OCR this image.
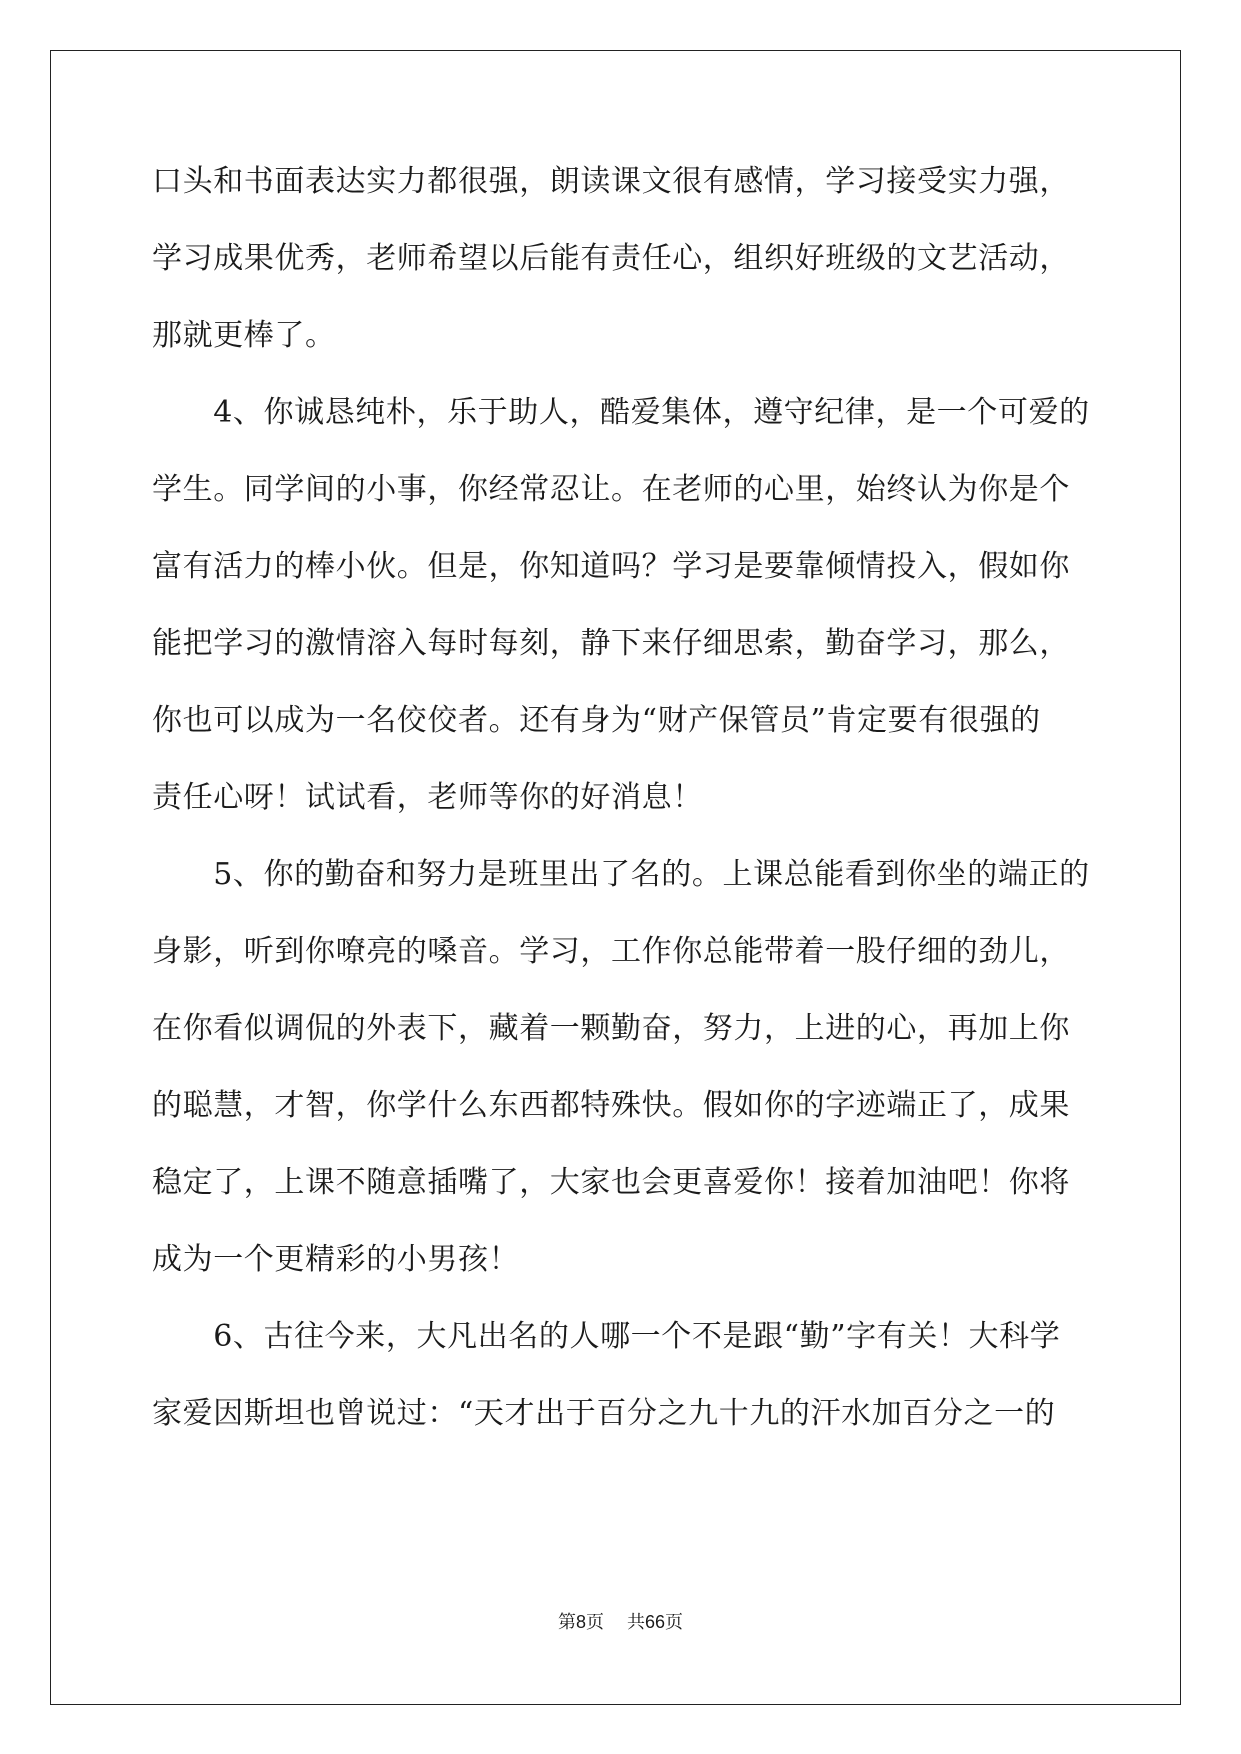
口头和书面表达实力都很强，朗读课文很有感情，学习接受实力强，
学习成果优秀，老师希望以后能有责任心，组织好班级的文艺活动，
那就更棒了。
　　4、你诚恳纯朴，乐于助人，酷爱集体，遵守纪律，是一个可爱的
学生。同学间的小事，你经常忍让。在老师的心里，始终认为你是个
富有活力的棒小伙。但是，你知道吗？学习是要靠倾情投入，假如你
能把学习的激情溶入每时每刻，静下来仔细思索，勤奋学习，那么，
你也可以成为一名佼佼者。还有身为“财产保管员”肯定要有很强的
责任心呀！试试看，老师等你的好消息！
　　5、你的勤奋和努力是班里出了名的。上课总能看到你坐的端正的
身影，听到你嘹亮的嗓音。学习，工作你总能带着一股仔细的劲儿，
在你看似调侃的外表下，藏着一颗勤奋，努力，上进的心，再加上你
的聪慧，才智，你学什么东西都特殊快。假如你的字迹端正了，成果
稳定了，上课不随意插嘴了，大家也会更喜爱你！接着加油吧！你将
成为一个更精彩的小男孩！
　　6、古往今来，大凡出名的人哪一个不是跟“勤”字有关！大科学
家爱因斯坦也曾说过：“天才出于百分之九十九的汗水加百分之一的
第8页 共66页
